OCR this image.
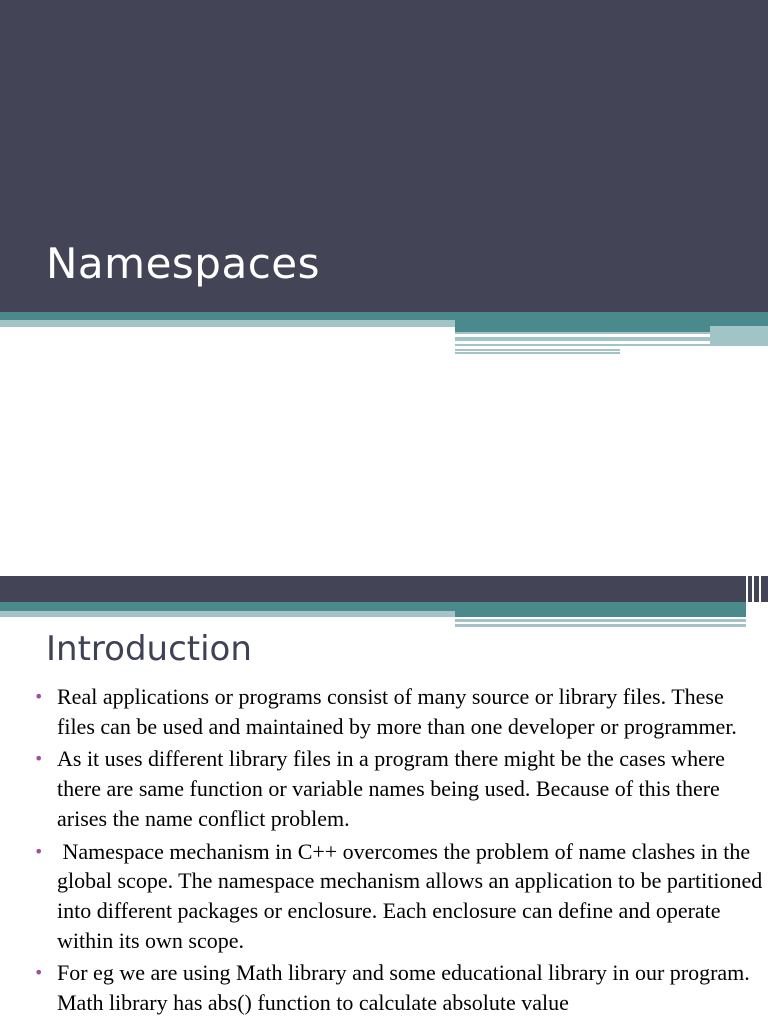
Namespaces
Introduction
• Real applications or programs consist of many source or library files. These files can be used and maintained by more than one developer or programmer.
• As it uses different library files in a program there might be the cases where there are same function or variable names being used. Because of this there arises the name conflict problem.
• Namespace mechanism in C++ overcomes the problem of name clashes in the global scope. The namespace mechanism allows an application to be partitioned into different packages or enclosure. Each enclosure can define and operate within its own scope.
• For eg we are using Math library and some educational library in our program. Math library has abs() function to calculate absolute value
